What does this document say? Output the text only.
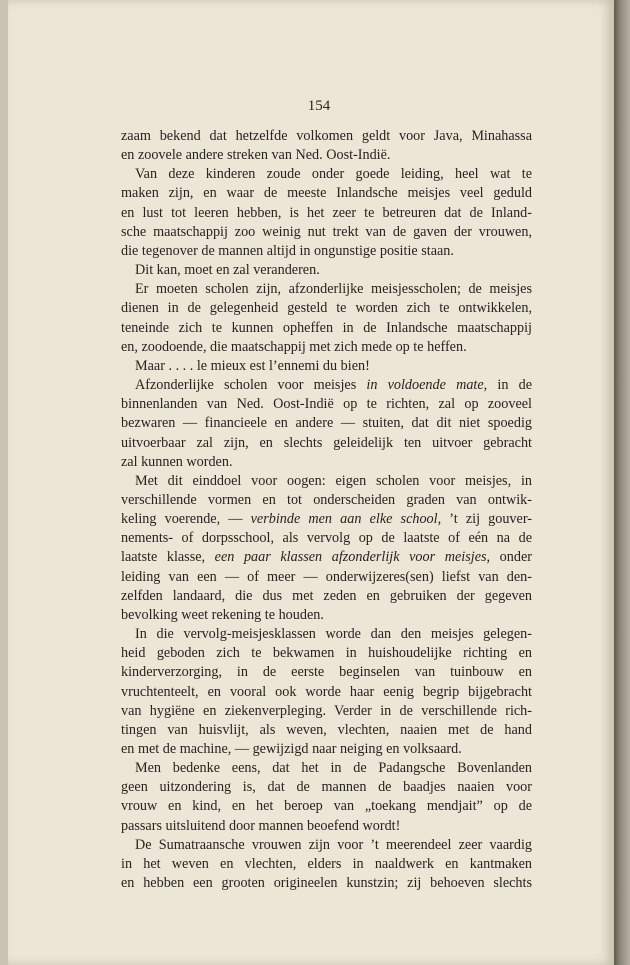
154
zaam bekend dat hetzelfde volkomen geldt voor Java, Minahassa
en zoovele andere streken van Ned. Oost-Indië.
Van deze kinderen zoude onder goede leiding, heel wat te
maken zijn, en waar de meeste Inlandsche meisjes veel geduld
en lust tot leeren hebben, is het zeer te betreuren dat de Inland-
sche maatschappij zoo weinig nut trekt van de gaven der vrouwen,
die tegenover de mannen altijd in ongunstige positie staan.
Dit kan, moet en zal veranderen.
Er moeten scholen zijn, afzonderlijke meisjesscholen; de meisjes
dienen in de gelegenheid gesteld te worden zich te ontwikkelen,
teneinde zich te kunnen opheffen in de Inlandsche maatschappij
en, zoodoende, die maatschappij met zich mede op te heffen.
Maar . . . . le mieux est l’ennemi du bien!
Afzonderlijke scholen voor meisjes in voldoende mate, in de
binnenlanden van Ned. Oost-Indië op te richten, zal op zooveel
bezwaren — financieele en andere — stuiten, dat dit niet spoedig
uitvoerbaar zal zijn, en slechts geleidelijk ten uitvoer gebracht
zal kunnen worden.
Met dit einddoel voor oogen: eigen scholen voor meisjes, in
verschillende vormen en tot onderscheiden graden van ontwik-
keling voerende, — verbinde men aan elke school, ’t zij gouver-
nements- of dorpsschool, als vervolg op de laatste of eén na de
laatste klasse, een paar klassen afzonderlijk voor meisjes, onder
leiding van een — of meer — onderwijzeres(sen) liefst van den-
zelfden landaard, die dus met zeden en gebruiken der gegeven
bevolking weet rekening te houden.
In die vervolg-meisjesklassen worde dan den meisjes gelegen-
heid geboden zich te bekwamen in huishoudelijke richting en
kinderverzorging, in de eerste beginselen van tuinbouw en
vruchtenteelt, en vooral ook worde haar eenig begrip bijgebracht
van hygiëne en ziekenverpleging. Verder in de verschillende rich-
tingen van huisvlijt, als weven, vlechten, naaien met de hand
en met de machine, — gewijzigd naar neiging en volksaard.
Men bedenke eens, dat het in de Padangsche Bovenlanden
geen uitzondering is, dat de mannen de baadjes naaien voor
vrouw en kind, en het beroep van „toekang mendjait” op de
passars uitsluitend door mannen beoefend wordt!
De Sumatraansche vrouwen zijn voor ’t meerendeel zeer vaardig
in het weven en vlechten, elders in naaldwerk en kantmaken
en hebben een grooten origineelen kunstzin; zij behoeven slechts
